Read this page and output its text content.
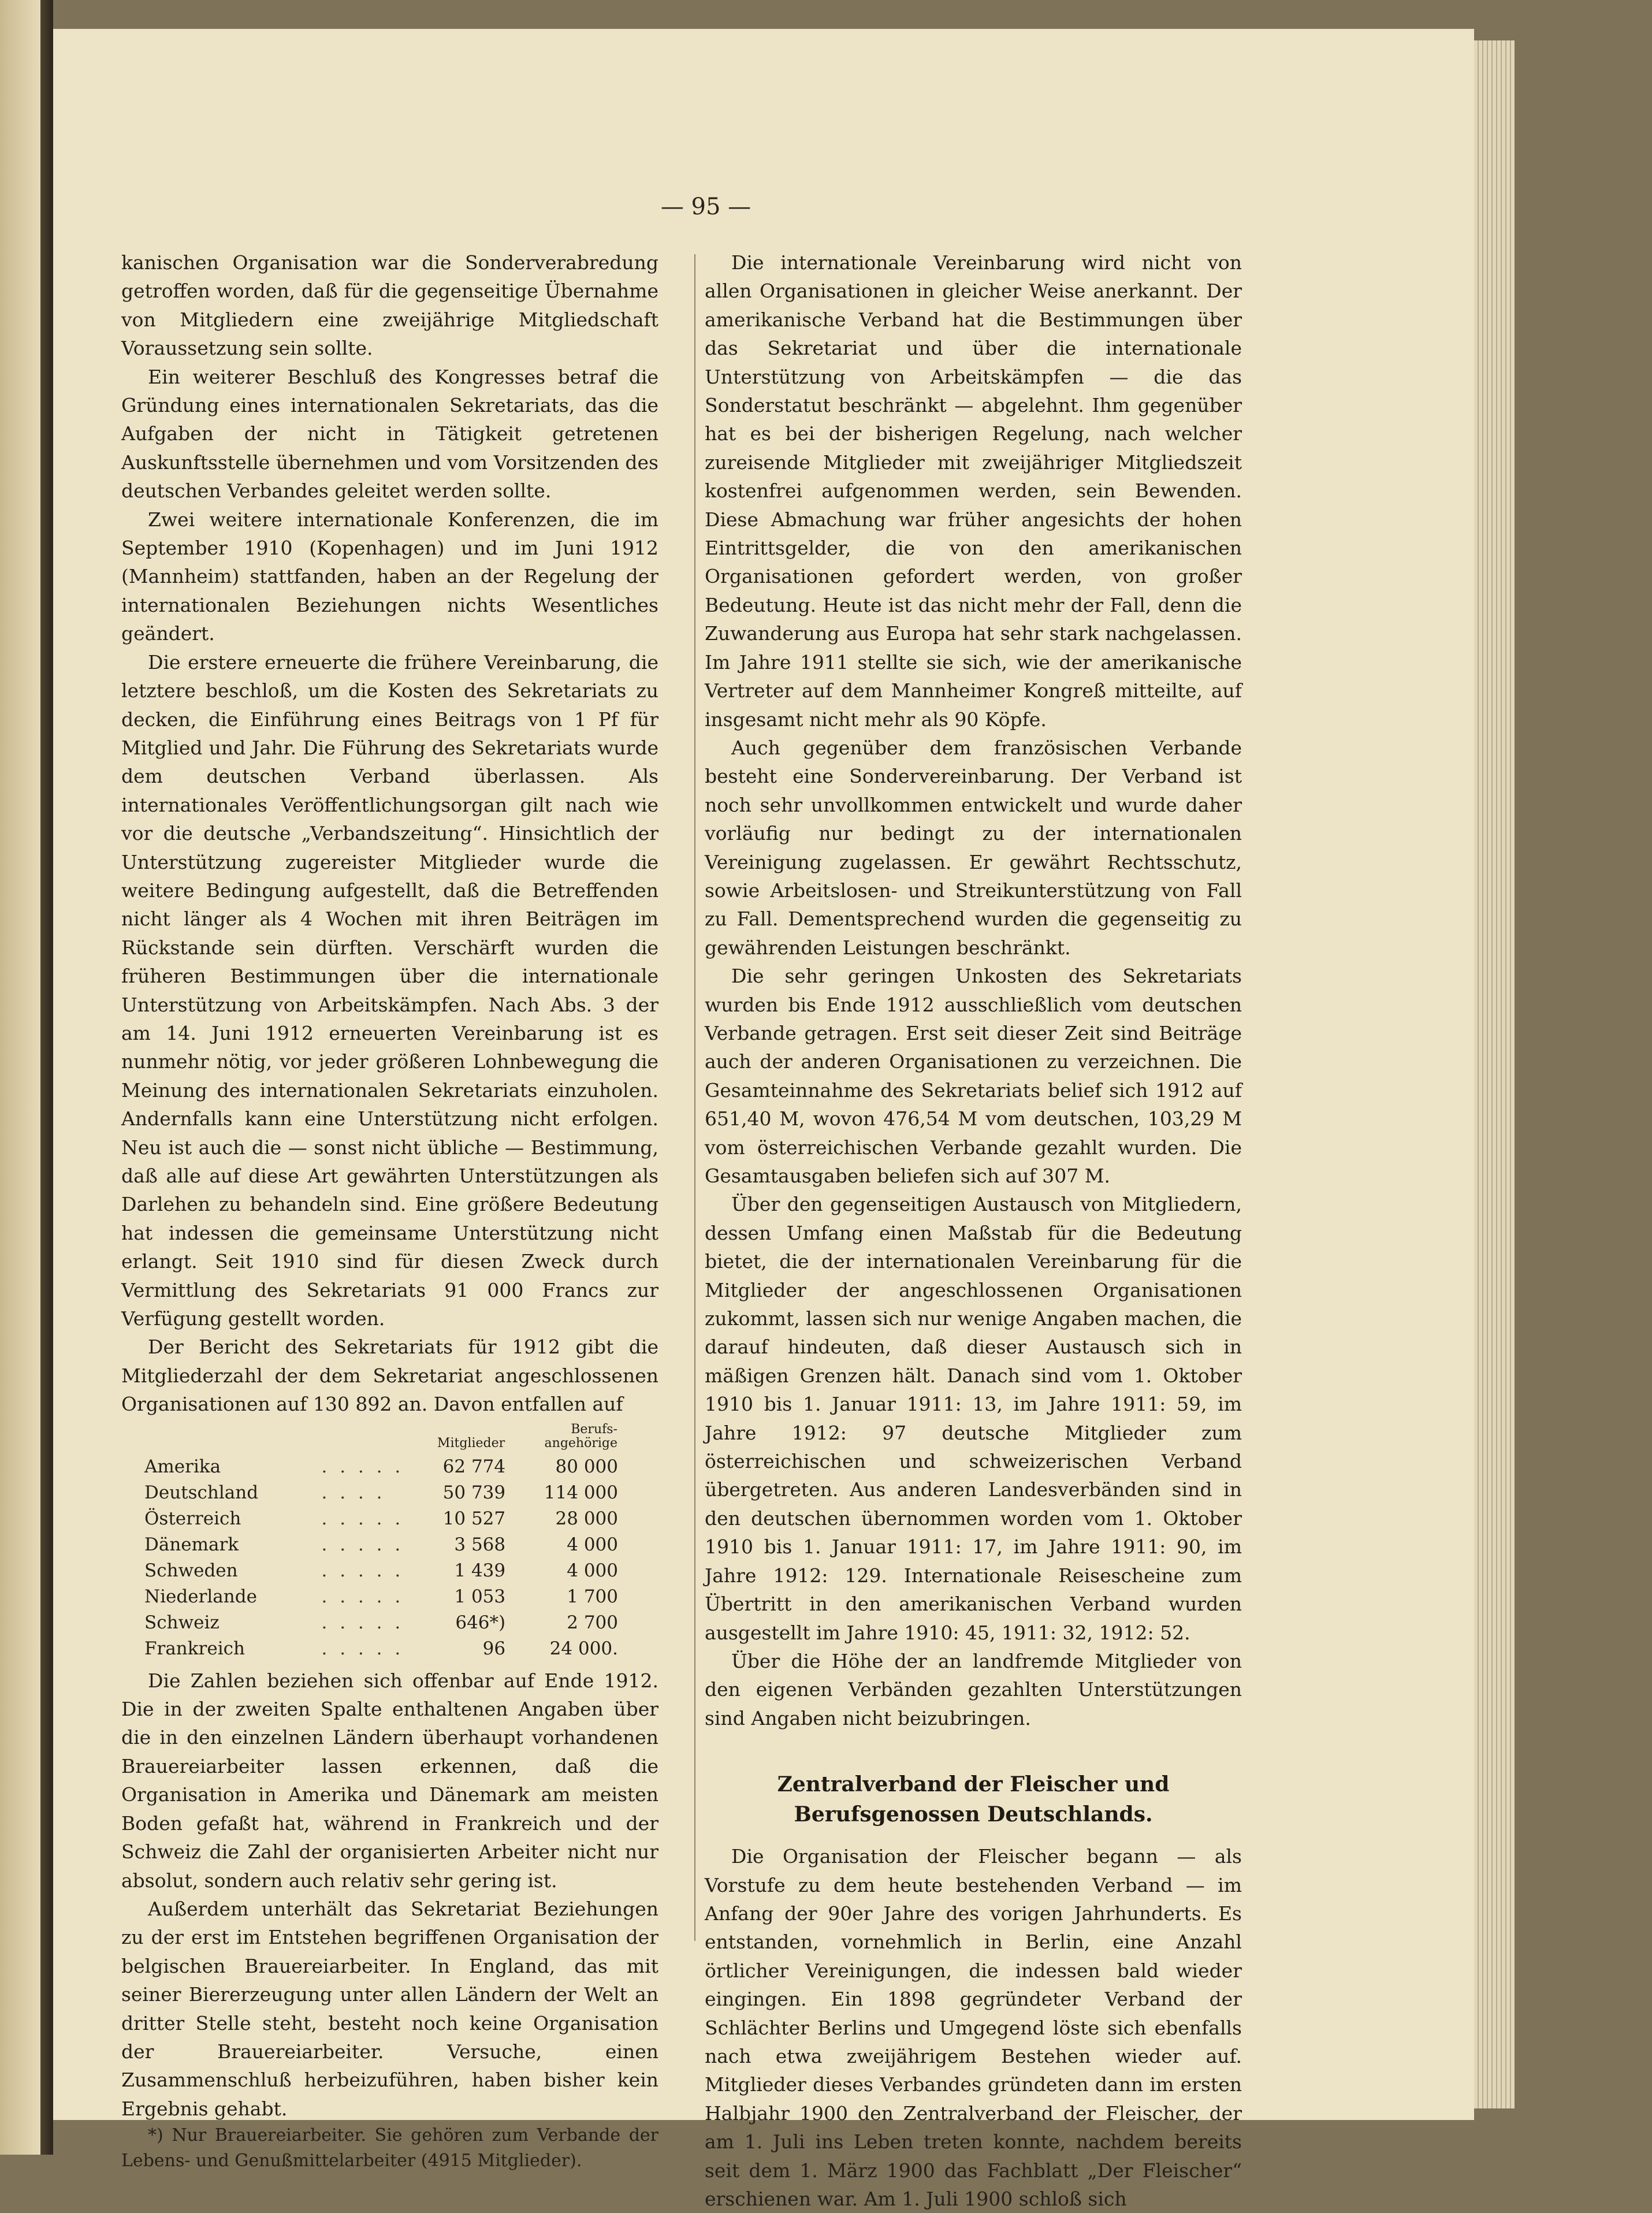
— 95 —

kanischen Organisation war die Sonderverabredung getroffen worden, daß für die gegenseitige Übernahme von Mitgliedern eine zweijährige Mitgliedschaft Voraussetzung sein sollte.

Ein weiterer Beschluß des Kongresses betraf die Gründung eines internationalen Sekretariats, das die Aufgaben der nicht in Tätigkeit getretenen Auskunftsstelle übernehmen und vom Vorsitzenden des deutschen Verbandes geleitet werden sollte.

Zwei weitere internationale Konferenzen, die im September 1910 (Kopenhagen) und im Juni 1912 (Mannheim) stattfanden, haben an der Regelung der internationalen Beziehungen nichts Wesentliches geändert.

Die erstere erneuerte die frühere Vereinbarung, die letztere beschloß, um die Kosten des Sekretariats zu decken, die Einführung eines Beitrags von 1 Pf für Mitglied und Jahr. Die Führung des Sekretariats wurde dem deutschen Verband überlassen. Als internationales Veröffentlichungsorgan gilt nach wie vor die deutsche „Verbandszeitung“. Hinsichtlich der Unterstützung zugereister Mitglieder wurde die weitere Bedingung aufgestellt, daß die Betreffenden nicht länger als 4 Wochen mit ihren Beiträgen im Rückstande sein dürften. Verschärft wurden die früheren Bestimmungen über die internationale Unterstützung von Arbeitskämpfen. Nach Abs. 3 der am 14. Juni 1912 erneuerten Vereinbarung ist es nunmehr nötig, vor jeder größeren Lohnbewegung die Meinung des internationalen Sekretariats einzuholen. Andernfalls kann eine Unterstützung nicht erfolgen. Neu ist auch die — sonst nicht übliche — Bestimmung, daß alle auf diese Art gewährten Unterstützungen als Darlehen zu behandeln sind. Eine größere Bedeutung hat indessen die gemeinsame Unterstützung nicht erlangt. Seit 1910 sind für diesen Zweck durch Vermittlung des Sekretariats 91 000 Francs zur Verfügung gestellt worden.

Der Bericht des Sekretariats für 1912 gibt die Mitgliederzahl der dem Sekretariat angeschlossenen Organisationen auf 130 892 an. Davon entfallen auf

		Mitglieder	Berufs-angehörige
Amerika	. . . . .	62 774	80 000
Deutschland	. . . .	50 739	114 000
Österreich	. . . . .	10 527	28 000
Dänemark	. . . . .	3 568	4 000
Schweden	. . . . .	1 439	4 000
Niederlande	. . . . .	1 053	1 700
Schweiz	. . . . .	646*)	2 700
Frankreich	. . . . .	96	24 000.

Die Zahlen beziehen sich offenbar auf Ende 1912. Die in der zweiten Spalte enthaltenen Angaben über die in den einzelnen Ländern überhaupt vorhandenen Brauereiarbeiter lassen erkennen, daß die Organisation in Amerika und Dänemark am meisten Boden gefaßt hat, während in Frankreich und der Schweiz die Zahl der organisierten Arbeiter nicht nur absolut, sondern auch relativ sehr gering ist.

Außerdem unterhält das Sekretariat Beziehungen zu der erst im Entstehen begriffenen Organisation der belgischen Brauereiarbeiter. In England, das mit seiner Biererzeugung unter allen Ländern der Welt an dritter Stelle steht, besteht noch keine Organisation der Brauereiarbeiter. Versuche, einen Zusammenschluß herbeizuführen, haben bisher kein Ergebnis gehabt.

*) Nur Brauereiarbeiter. Sie gehören zum Verbande der Lebens- und Genußmittelarbeiter (4915 Mitglieder).

Die internationale Vereinbarung wird nicht von allen Organisationen in gleicher Weise anerkannt. Der amerikanische Verband hat die Bestimmungen über das Sekretariat und über die internationale Unterstützung von Arbeitskämpfen — die das Sonderstatut beschränkt — abgelehnt. Ihm gegenüber hat es bei der bisherigen Regelung, nach welcher zureisende Mitglieder mit zweijähriger Mitgliedszeit kostenfrei aufgenommen werden, sein Bewenden. Diese Abmachung war früher angesichts der hohen Eintrittsgelder, die von den amerikanischen Organisationen gefordert werden, von großer Bedeutung. Heute ist das nicht mehr der Fall, denn die Zuwanderung aus Europa hat sehr stark nachgelassen. Im Jahre 1911 stellte sie sich, wie der amerikanische Vertreter auf dem Mannheimer Kongreß mitteilte, auf insgesamt nicht mehr als 90 Köpfe.

Auch gegenüber dem französischen Verbande besteht eine Sondervereinbarung. Der Verband ist noch sehr unvollkommen entwickelt und wurde daher vorläufig nur bedingt zu der internationalen Vereinigung zugelassen. Er gewährt Rechtsschutz, sowie Arbeitslosen- und Streikunterstützung von Fall zu Fall. Dementsprechend wurden die gegenseitig zu gewährenden Leistungen beschränkt.

Die sehr geringen Unkosten des Sekretariats wurden bis Ende 1912 ausschließlich vom deutschen Verbande getragen. Erst seit dieser Zeit sind Beiträge auch der anderen Organisationen zu verzeichnen. Die Gesamteinnahme des Sekretariats belief sich 1912 auf 651,40 M, wovon 476,54 M vom deutschen, 103,29 M vom österreichischen Verbande gezahlt wurden. Die Gesamtausgaben beliefen sich auf 307 M.

Über den gegenseitigen Austausch von Mitgliedern, dessen Umfang einen Maßstab für die Bedeutung bietet, die der internationalen Vereinbarung für die Mitglieder der angeschlossenen Organisationen zukommt, lassen sich nur wenige Angaben machen, die darauf hindeuten, daß dieser Austausch sich in mäßigen Grenzen hält. Danach sind vom 1. Oktober 1910 bis 1. Januar 1911: 13, im Jahre 1911: 59, im Jahre 1912: 97 deutsche Mitglieder zum österreichischen und schweizerischen Verband übergetreten. Aus anderen Landesverbänden sind in den deutschen übernommen worden vom 1. Oktober 1910 bis 1. Januar 1911: 17, im Jahre 1911: 90, im Jahre 1912: 129. Internationale Reisescheine zum Übertritt in den amerikanischen Verband wurden ausgestellt im Jahre 1910: 45, 1911: 32, 1912: 52.

Über die Höhe der an landfremde Mitglieder von den eigenen Verbänden gezahlten Unterstützungen sind Angaben nicht beizubringen.

Zentralverband der Fleischer und Berufsgenossen Deutschlands.

Die Organisation der Fleischer begann — als Vorstufe zu dem heute bestehenden Verband — im Anfang der 90er Jahre des vorigen Jahrhunderts. Es entstanden, vornehmlich in Berlin, eine Anzahl örtlicher Vereinigungen, die indessen bald wieder eingingen. Ein 1898 gegründeter Verband der Schlächter Berlins und Umgegend löste sich ebenfalls nach etwa zweijährigem Bestehen wieder auf. Mitglieder dieses Verbandes gründeten dann im ersten Halbjahr 1900 den Zentralverband der Fleischer, der am 1. Juli ins Leben treten konnte, nachdem bereits seit dem 1. März 1900 das Fachblatt „Der Fleischer“ erschienen war. Am 1. Juli 1900 schloß sich
